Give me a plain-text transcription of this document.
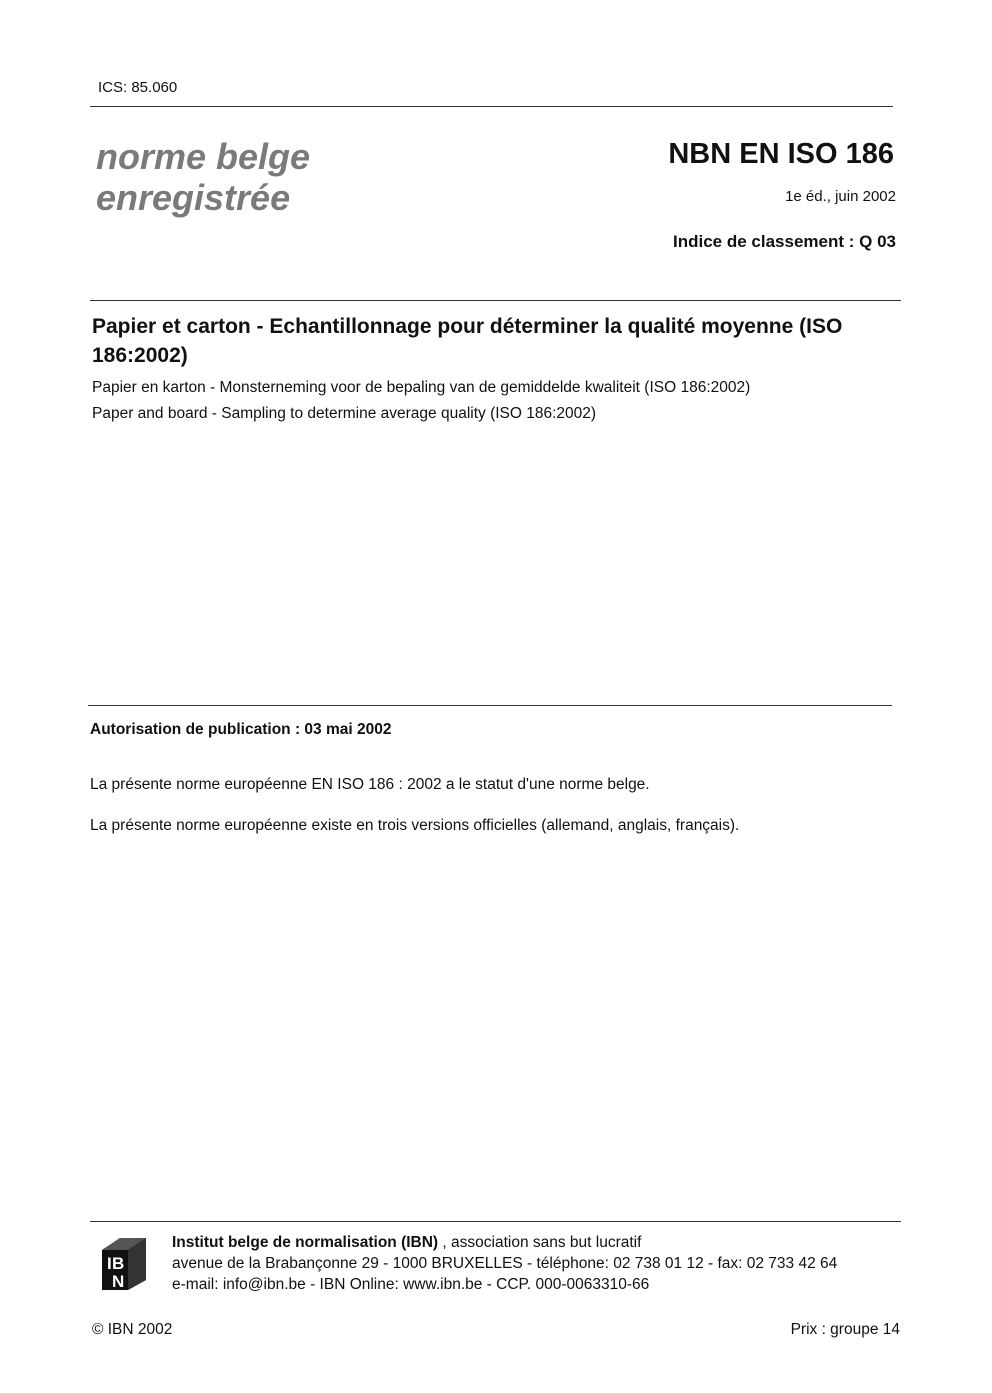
ICS: 85.060
norme belge
enregistrée
NBN EN ISO 186
1e éd., juin 2002
Indice de classement : Q 03
Papier et carton - Echantillonnage pour déterminer la qualité moyenne (ISO 186:2002)
Papier en karton - Monsterneming voor de bepaling van de gemiddelde kwaliteit (ISO 186:2002)
Paper and board - Sampling to determine average quality (ISO 186:2002)
Autorisation de publication : 03 mai 2002
La présente norme européenne EN ISO 186 : 2002 a le statut d'une norme belge.
La présente norme européenne existe en trois versions officielles (allemand, anglais, français).
I B
N
Institut belge de normalisation (IBN) , association sans but lucratif
avenue de la Brabançonne 29 - 1000 BRUXELLES - téléphone: 02 738 01 12 - fax: 02 733 42 64
e-mail: info@ibn.be - IBN Online: www.ibn.be - CCP. 000-0063310-66
© IBN 2002	Prix : groupe 14
